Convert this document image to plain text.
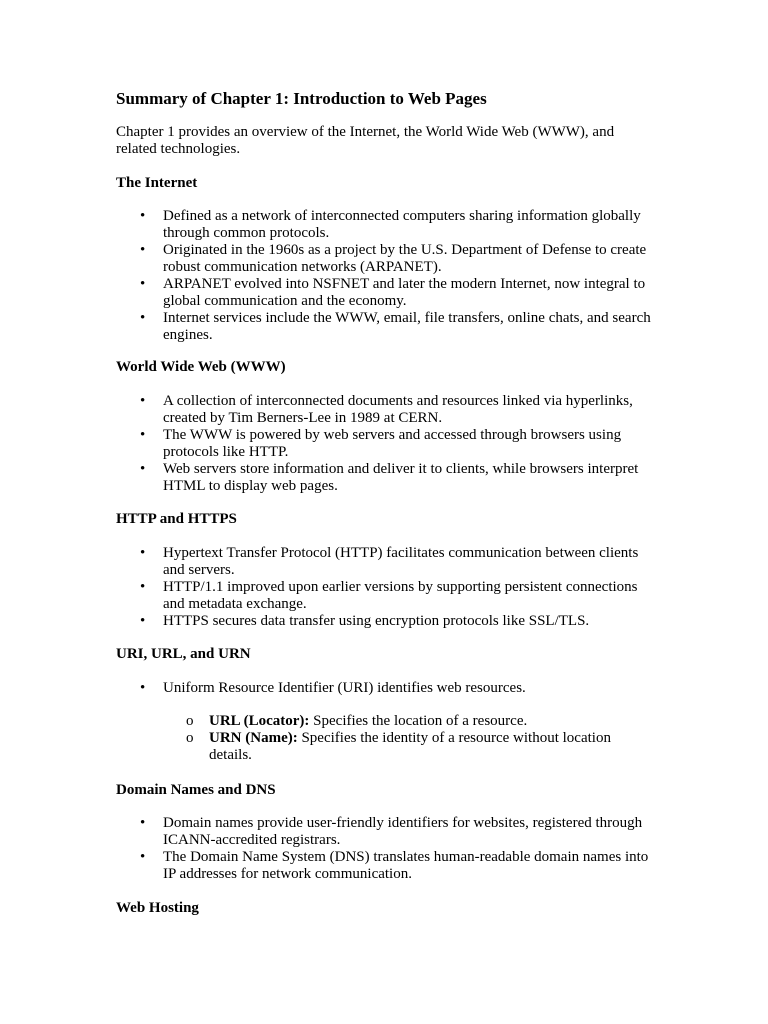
Summary of Chapter 1: Introduction to Web Pages

Chapter 1 provides an overview of the Internet, the World Wide Web (WWW), and related technologies.

The Internet
• Defined as a network of interconnected computers sharing information globally through common protocols.
• Originated in the 1960s as a project by the U.S. Department of Defense to create robust communication networks (ARPANET).
• ARPANET evolved into NSFNET and later the modern Internet, now integral to global communication and the economy.
• Internet services include the WWW, email, file transfers, online chats, and search engines.
World Wide Web (WWW)
• A collection of interconnected documents and resources linked via hyperlinks, created by Tim Berners-Lee in 1989 at CERN.
• The WWW is powered by web servers and accessed through browsers using protocols like HTTP.
• Web servers store information and deliver it to clients, while browsers interpret HTML to display web pages.
HTTP and HTTPS
• Hypertext Transfer Protocol (HTTP) facilitates communication between clients and servers.
• HTTP/1.1 improved upon earlier versions by supporting persistent connections and metadata exchange.
• HTTPS secures data transfer using encryption protocols like SSL/TLS.
URI, URL, and URN
• Uniform Resource Identifier (URI) identifies web resources.
o URL (Locator): Specifies the location of a resource.
o URN (Name): Specifies the identity of a resource without location details.
Domain Names and DNS
• Domain names provide user-friendly identifiers for websites, registered through ICANN-accredited registrars.
• The Domain Name System (DNS) translates human-readable domain names into IP addresses for network communication.
Web Hosting
